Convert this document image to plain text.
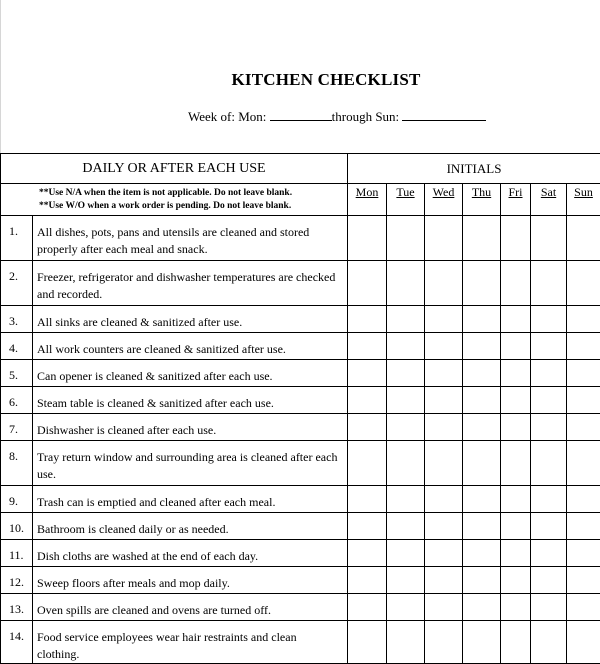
KITCHEN CHECKLIST
Week of: Mon:	through Sun:
DAILY OR AFTER EACH USE		INITIALS						

**Use N/A when the item is not applicable. Do not leave blank.
**Use W/O when a work order is pending. Do not leave blank.		Mon	Tue	Wed	Thu	Fri	Sat	Sun
1.	All dishes, pots, pans and utensils are cleaned and stored properly after each meal and snack.							
2.	Freezer, refrigerator and dishwasher temperatures are checked and recorded.							
3.	All sinks are cleaned & sanitized after use.							
4.	All work counters are cleaned & sanitized after use.							
5.	Can opener is cleaned & sanitized after each use.							
6.	Steam table is cleaned & sanitized after each use.							
7.	Dishwasher is cleaned after each use.							
8.	Tray return window and surrounding area is cleaned after each use.							
9.	Trash can is emptied and cleaned after each meal.							
10.	Bathroom is cleaned daily or as needed.							
11.	Dish cloths are washed at the end of each day.							
12.	Sweep floors after meals and mop daily.							
13.	Oven spills are cleaned and ovens are turned off.							
14.	Food service employees wear hair restraints and clean clothing.							
